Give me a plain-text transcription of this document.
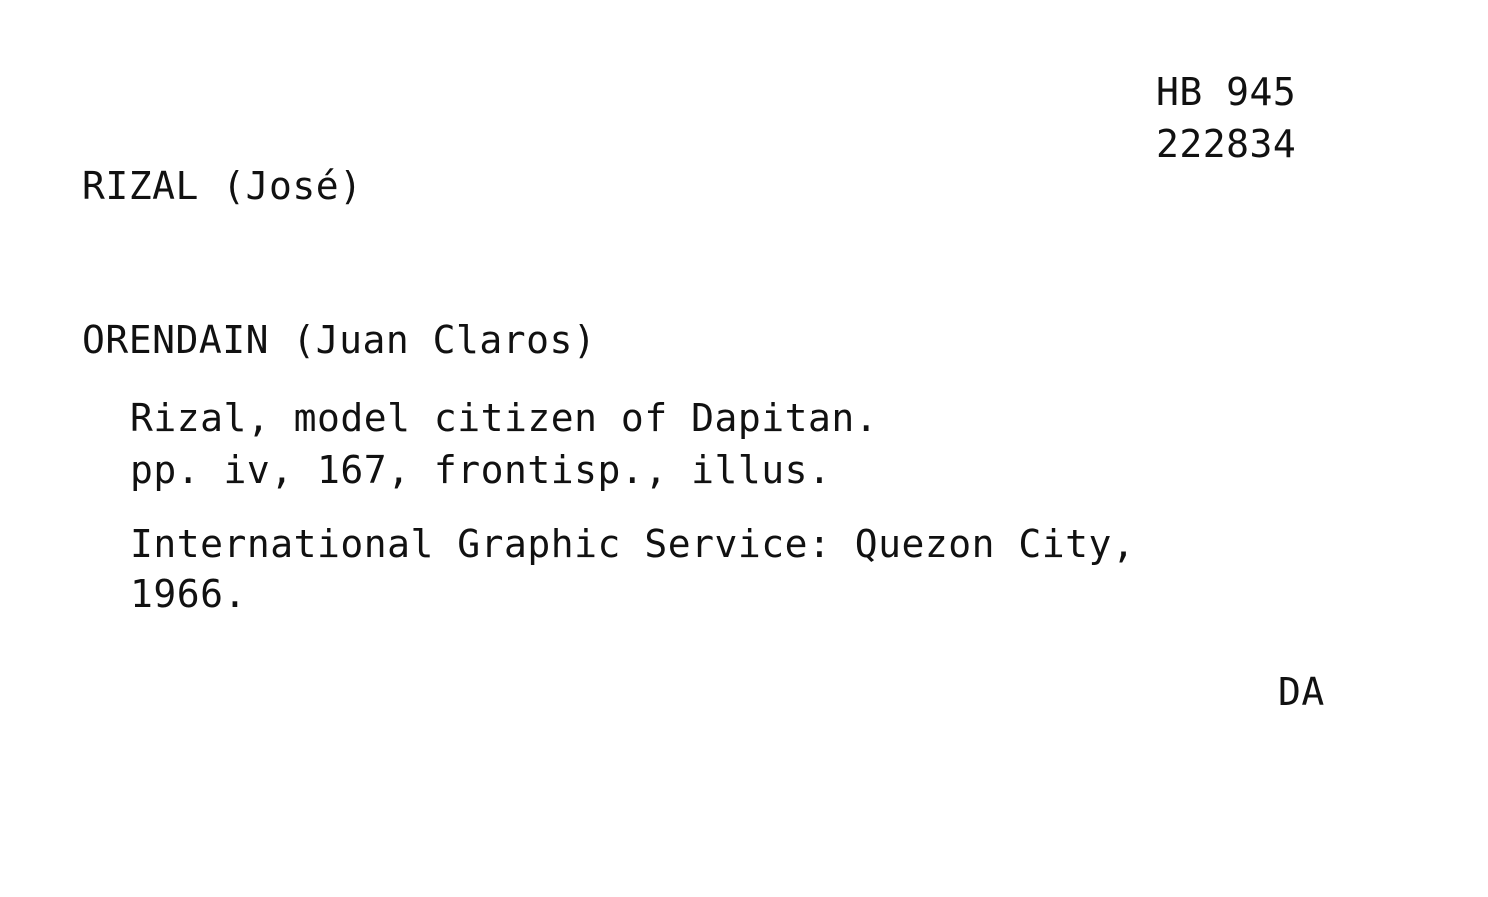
HB 945
222834
RIZAL (José)
ORENDAIN (Juan Claros)
Rizal, model citizen of Dapitan.
pp. iv, 167, frontisp., illus.
International Graphic Service: Quezon City,
1966.
DA
